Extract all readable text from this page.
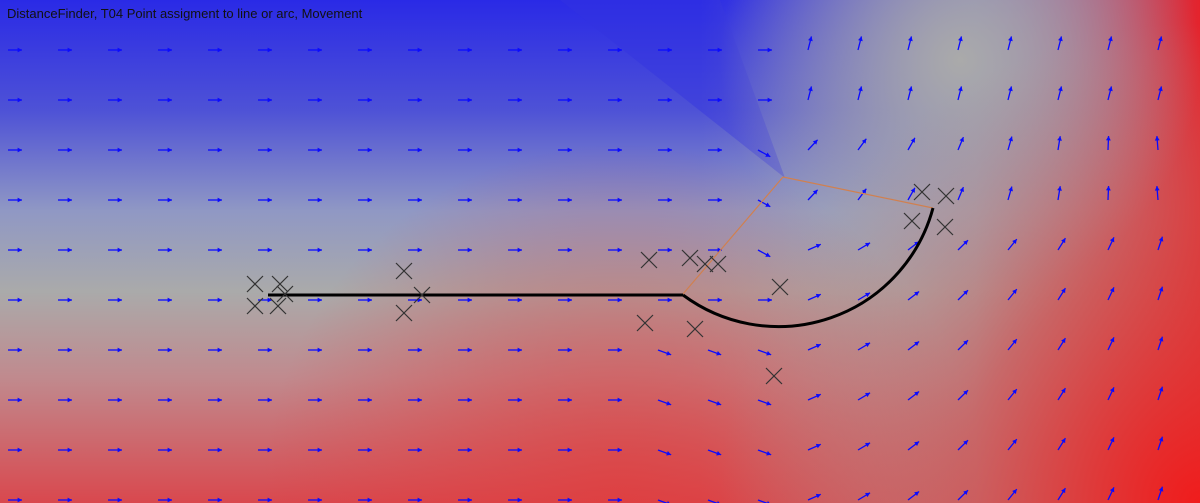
DistanceFinder, T04 Point assigment to line or arc, Movement
